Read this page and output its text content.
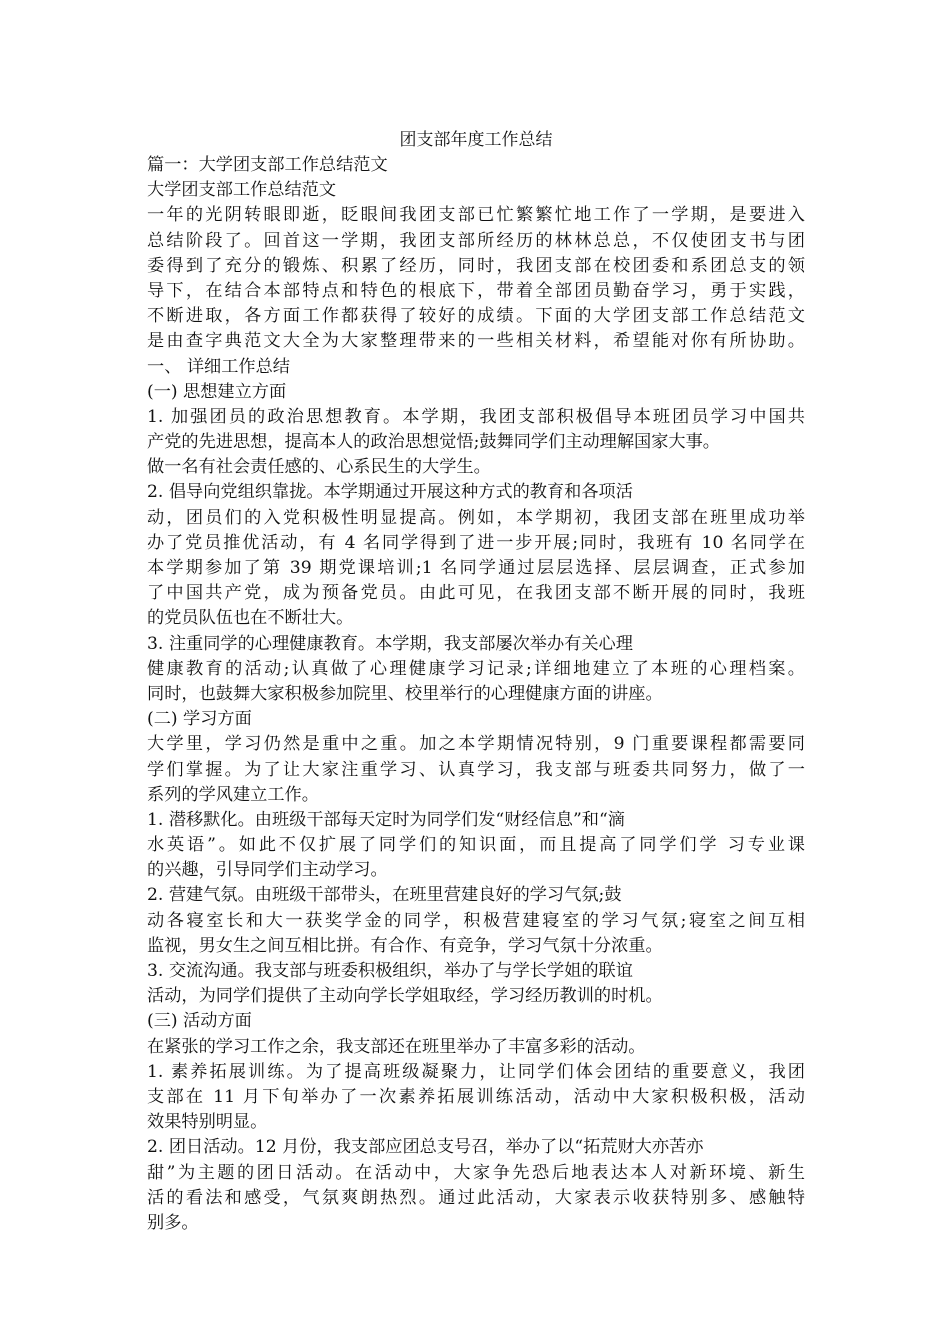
团支部年度工作总结
篇一：大学团支部工作总结范文
大学团支部工作总结范文
一年的光阴转眼即逝，眨眼间我团支部已忙繁繁忙地工作了一学期，是要进入
总结阶段了。回首这一学期，我团支部所经历的林林总总，不仅使团支书与团
委得到了充分的锻炼、积累了经历，同时，我团支部在校团委和系团总支的领
导下，在结合本部特点和特色的根底下，带着全部团员勤奋学习，勇于实践，
不断进取，各方面工作都获得了较好的成绩。下面的大学团支部工作总结范文
是由查字典范文大全为大家整理带来的一些相关材料，希望能对你有所协助。
一、 详细工作总结
(一) 思想建立方面
1. 加强团员的政治思想教育。本学期，我团支部积极倡导本班团员学习中国共
产党的先进思想，提高本人的政治思想觉悟;鼓舞同学们主动理解国家大事。
做一名有社会责任感的、心系民生的大学生。
2. 倡导向党组织靠拢。本学期通过开展这种方式的教育和各项活
动，团员们的入党积极性明显提高。例如，本学期初，我团支部在班里成功举
办了党员推优活动，有 4 名同学得到了进一步开展;同时，我班有 10 名同学在
本学期参加了第 39 期党课培训;1 名同学通过层层选择、层层调查，正式参加
了中国共产党，成为预备党员。由此可见，在我团支部不断开展的同时，我班
的党员队伍也在不断壮大。
3. 注重同学的心理健康教育。本学期，我支部屡次举办有关心理
健康教育的活动;认真做了心理健康学习记录;详细地建立了本班的心理档案。
同时，也鼓舞大家积极参加院里、校里举行的心理健康方面的讲座。
(二) 学习方面
大学里，学习仍然是重中之重。加之本学期情况特别，9 门重要课程都需要同
学们掌握。为了让大家注重学习、认真学习，我支部与班委共同努力，做了一
系列的学风建立工作。
1. 潜移默化。由班级干部每天定时为同学们发“财经信息”和“滴
水英语”。如此不仅扩展了同学们的知识面，而且提高了同学们学 习专业课
的兴趣，引导同学们主动学习。
2. 营建气氛。由班级干部带头，在班里营建良好的学习气氛;鼓
动各寝室长和大一获奖学金的同学，积极营建寝室的学习气氛;寝室之间互相
监视，男女生之间互相比拼。有合作、有竞争，学习气氛十分浓重。
3. 交流沟通。我支部与班委积极组织，举办了与学长学姐的联谊
活动，为同学们提供了主动向学长学姐取经，学习经历教训的时机。
(三) 活动方面
在紧张的学习工作之余，我支部还在班里举办了丰富多彩的活动。
1. 素养拓展训练。为了提高班级凝聚力，让同学们体会团结的重要意义，我团
支部在 11 月下旬举办了一次素养拓展训练活动，活动中大家积极积极，活动
效果特别明显。
2. 团日活动。12 月份，我支部应团总支号召，举办了以“拓荒财大亦苦亦
甜”为主题的团日活动。在活动中，大家争先恐后地表达本人对新环境、新生
活的看法和感受，气氛爽朗热烈。通过此活动，大家表示收获特别多、感触特
别多。
